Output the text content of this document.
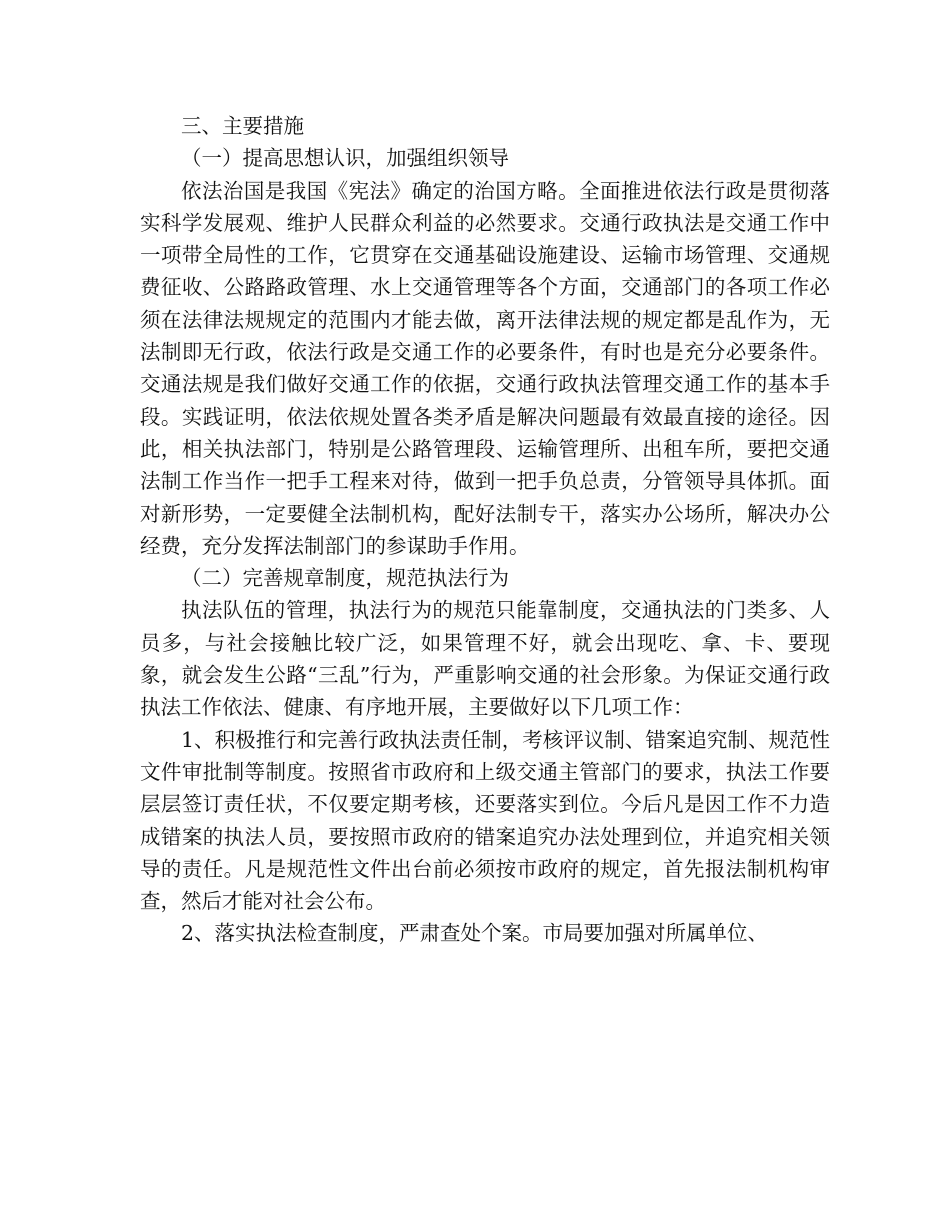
三、主要措施

（一）提高思想认识，加强组织领导

依法治国是我国《宪法》确定的治国方略。全面推进依法行政是贯彻落实科学发展观、维护人民群众利益的必然要求。交通行政执法是交通工作中一项带全局性的工作，它贯穿在交通基础设施建设、运输市场管理、交通规费征收、公路路政管理、水上交通管理等各个方面，交通部门的各项工作必须在法律法规规定的范围内才能去做，离开法律法规的规定都是乱作为，无法制即无行政，依法行政是交通工作的必要条件，有时也是充分必要条件。交通法规是我们做好交通工作的依据，交通行政执法管理交通工作的基本手段。实践证明，依法依规处置各类矛盾是解决问题最有效最直接的途径。因此，相关执法部门，特别是公路管理段、运输管理所、出租车所，要把交通法制工作当作一把手工程来对待，做到一把手负总责，分管领导具体抓。面对新形势，一定要健全法制机构，配好法制专干，落实办公场所，解决办公经费，充分发挥法制部门的参谋助手作用。

（二）完善规章制度，规范执法行为

执法队伍的管理，执法行为的规范只能靠制度，交通执法的门类多、人员多，与社会接触比较广泛，如果管理不好，就会出现吃、拿、卡、要现象，就会发生公路“三乱”行为，严重影响交通的社会形象。为保证交通行政执法工作依法、健康、有序地开展，主要做好以下几项工作：

1、积极推行和完善行政执法责任制，考核评议制、错案追究制、规范性文件审批制等制度。按照省市政府和上级交通主管部门的要求，执法工作要层层签订责任状，不仅要定期考核，还要落实到位。今后凡是因工作不力造成错案的执法人员，要按照市政府的错案追究办法处理到位，并追究相关领导的责任。凡是规范性文件出台前必须按市政府的规定，首先报法制机构审查，然后才能对社会公布。

2、落实执法检查制度，严肃查处个案。市局要加强对所属单位、
